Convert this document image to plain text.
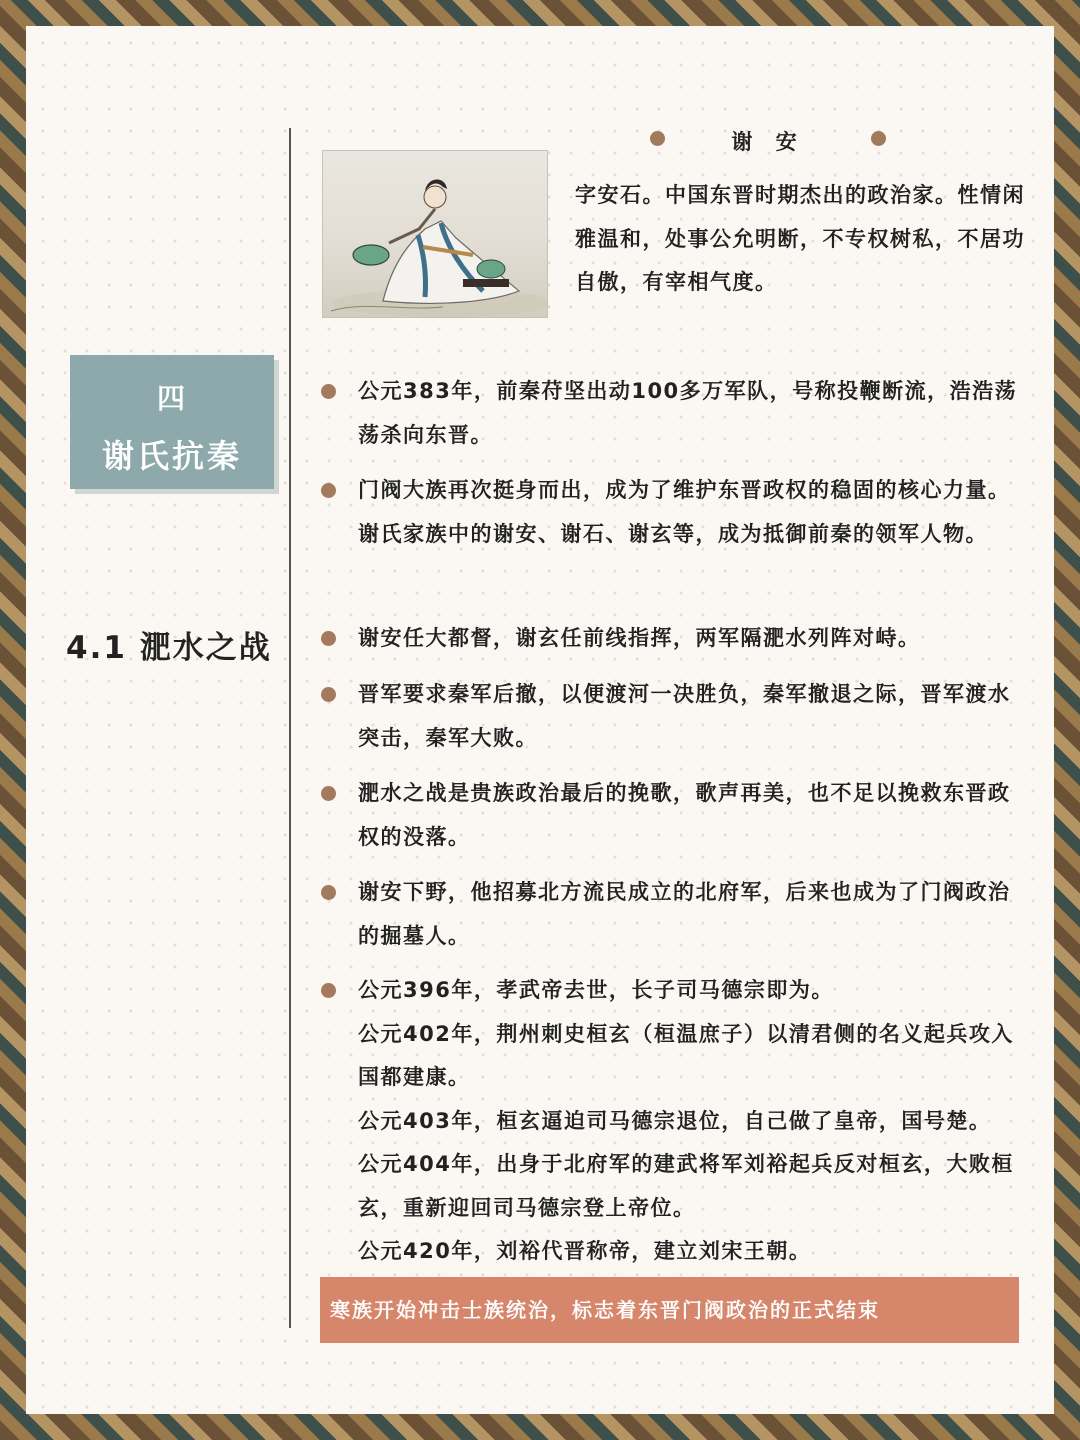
四
谢氏抗秦
4.1 淝水之战
谢 安
字安石。中国东晋时期杰出的政治家。性情闲雅温和，处事公允明断，不专权树私，不居功自傲，有宰相气度。

公元383年，前秦苻坚出动100多万军队，号称投鞭断流，浩浩荡荡杀向东晋。

门阀大族再次挺身而出，成为了维护东晋政权的稳固的核心力量。谢氏家族中的谢安、谢石、谢玄等，成为抵御前秦的领军人物。

谢安任大都督，谢玄任前线指挥，两军隔淝水列阵对峙。

晋军要求秦军后撤，以便渡河一决胜负，秦军撤退之际，晋军渡水突击，秦军大败。

淝水之战是贵族政治最后的挽歌，歌声再美，也不足以挽救东晋政权的没落。

谢安下野，他招募北方流民成立的北府军，后来也成为了门阀政治的掘墓人。

公元396年，孝武帝去世，长子司马德宗即为。

公元402年，荆州刺史桓玄（桓温庶子）以清君侧的名义起兵攻入国都建康。

公元403年，桓玄逼迫司马德宗退位，自己做了皇帝，国号楚。

公元404年，出身于北府军的建武将军刘裕起兵反对桓玄，大败桓玄，重新迎回司马德宗登上帝位。

公元420年，刘裕代晋称帝，建立刘宋王朝。

寒族开始冲击士族统治，标志着东晋门阀政治的正式结束
